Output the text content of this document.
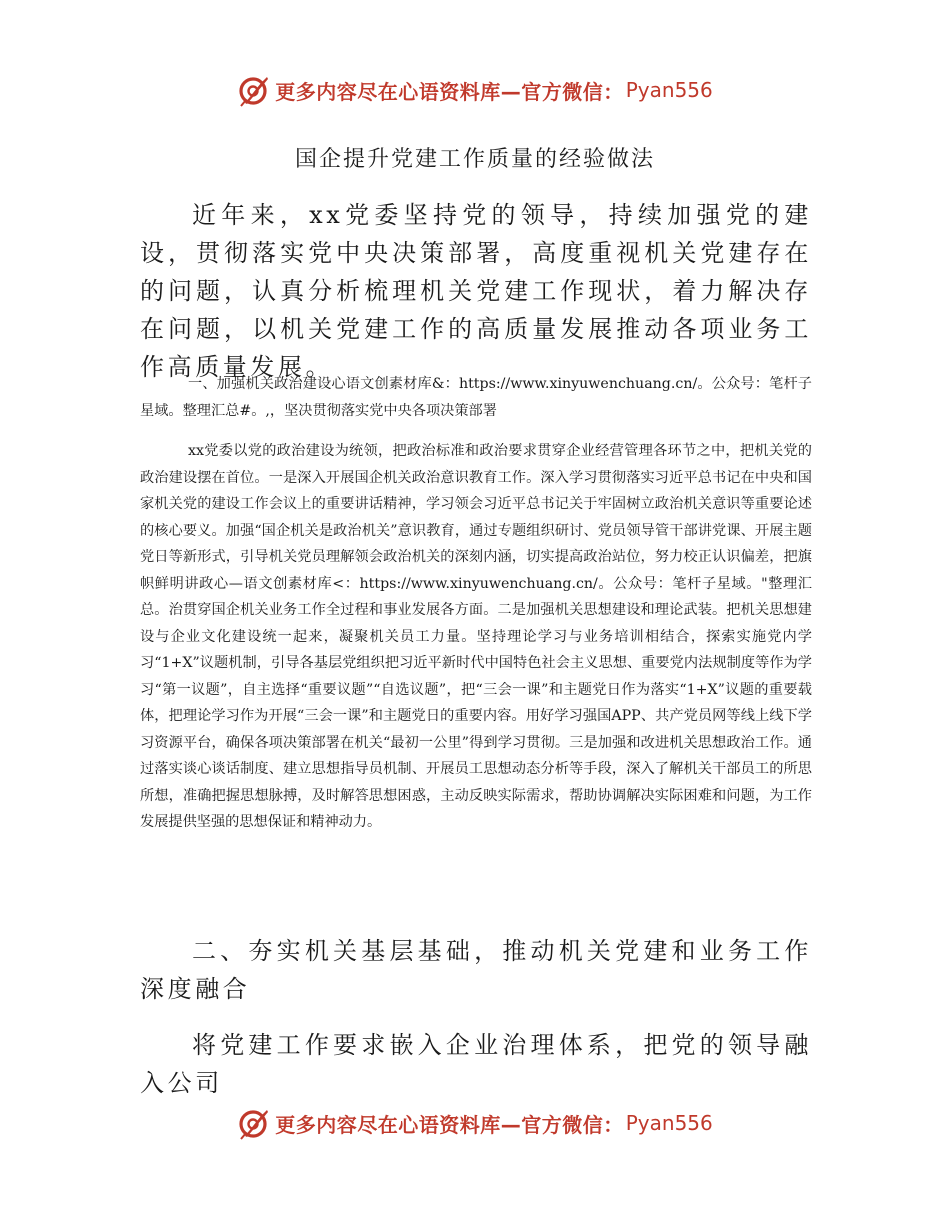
更多内容尽在心语资料库—官方微信： Pyan556
国企提升党建工作质量的经验做法

近年来，xx党委坚持党的领导，持续加强党的建设，贯彻落实党中央决策部署，高度重视机关党建存在的问题，认真分析梳理机关党建工作现状，着力解决存在问题，以机关党建工作的高质量发展推动各项业务工作高质量发展。

一、加强机关政治建设心语文创素材库&：https://www.xinyuwenchuang.cn/。公众号：笔杆子星域。整理汇总#。,，坚决贯彻落实党中央各项决策部署

xx党委以党的政治建设为统领，把政治标准和政治要求贯穿企业经营管理各环节之中，把机关党的政治建设摆在首位。一是深入开展国企机关政治意识教育工作。深入学习贯彻落实习近平总书记在中央和国家机关党的建设工作会议上的重要讲话精神，学习领会习近平总书记关于牢固树立政治机关意识等重要论述的核心要义。加强“国企机关是政治机关”意识教育，通过专题组织研讨、党员领导管干部讲党课、开展主题党日等新形式，引导机关党员理解领会政治机关的深刻内涵，切实提高政治站位，努力校正认识偏差，把旗帜鲜明讲政心—语文创素材库<：https://www.xinyuwenchuang.cn/。公众号：笔杆子星域。"整理汇总。治贯穿国企机关业务工作全过程和事业发展各方面。二是加强机关思想建设和理论武装。把机关思想建设与企业文化建设统一起来，凝聚机关员工力量。坚持理论学习与业务培训相结合，探索实施党内学习“1+X”议题机制，引导各基层党组织把习近平新时代中国特色社会主义思想、重要党内法规制度等作为学习“第一议题”，自主选择“重要议题”“自选议题”，把“三会一课”和主题党日作为落实“1+X”议题的重要载体，把理论学习作为开展“三会一课”和主题党日的重要内容。用好学习强国APP、共产党员网等线上线下学习资源平台，确保各项决策部署在机关“最初一公里”得到学习贯彻。三是加强和改进机关思想政治工作。通过落实谈心谈话制度、建立思想指导员机制、开展员工思想动态分析等手段，深入了解机关干部员工的所思所想，准确把握思想脉搏，及时解答思想困惑，主动反映实际需求，帮助协调解决实际困难和问题，为工作发展提供坚强的思想保证和精神动力。

二、夯实机关基层基础，推动机关党建和业务工作深度融合

将党建工作要求嵌入企业治理体系，把党的领导融入公司

更多内容尽在心语资料库—官方微信： Pyan556
